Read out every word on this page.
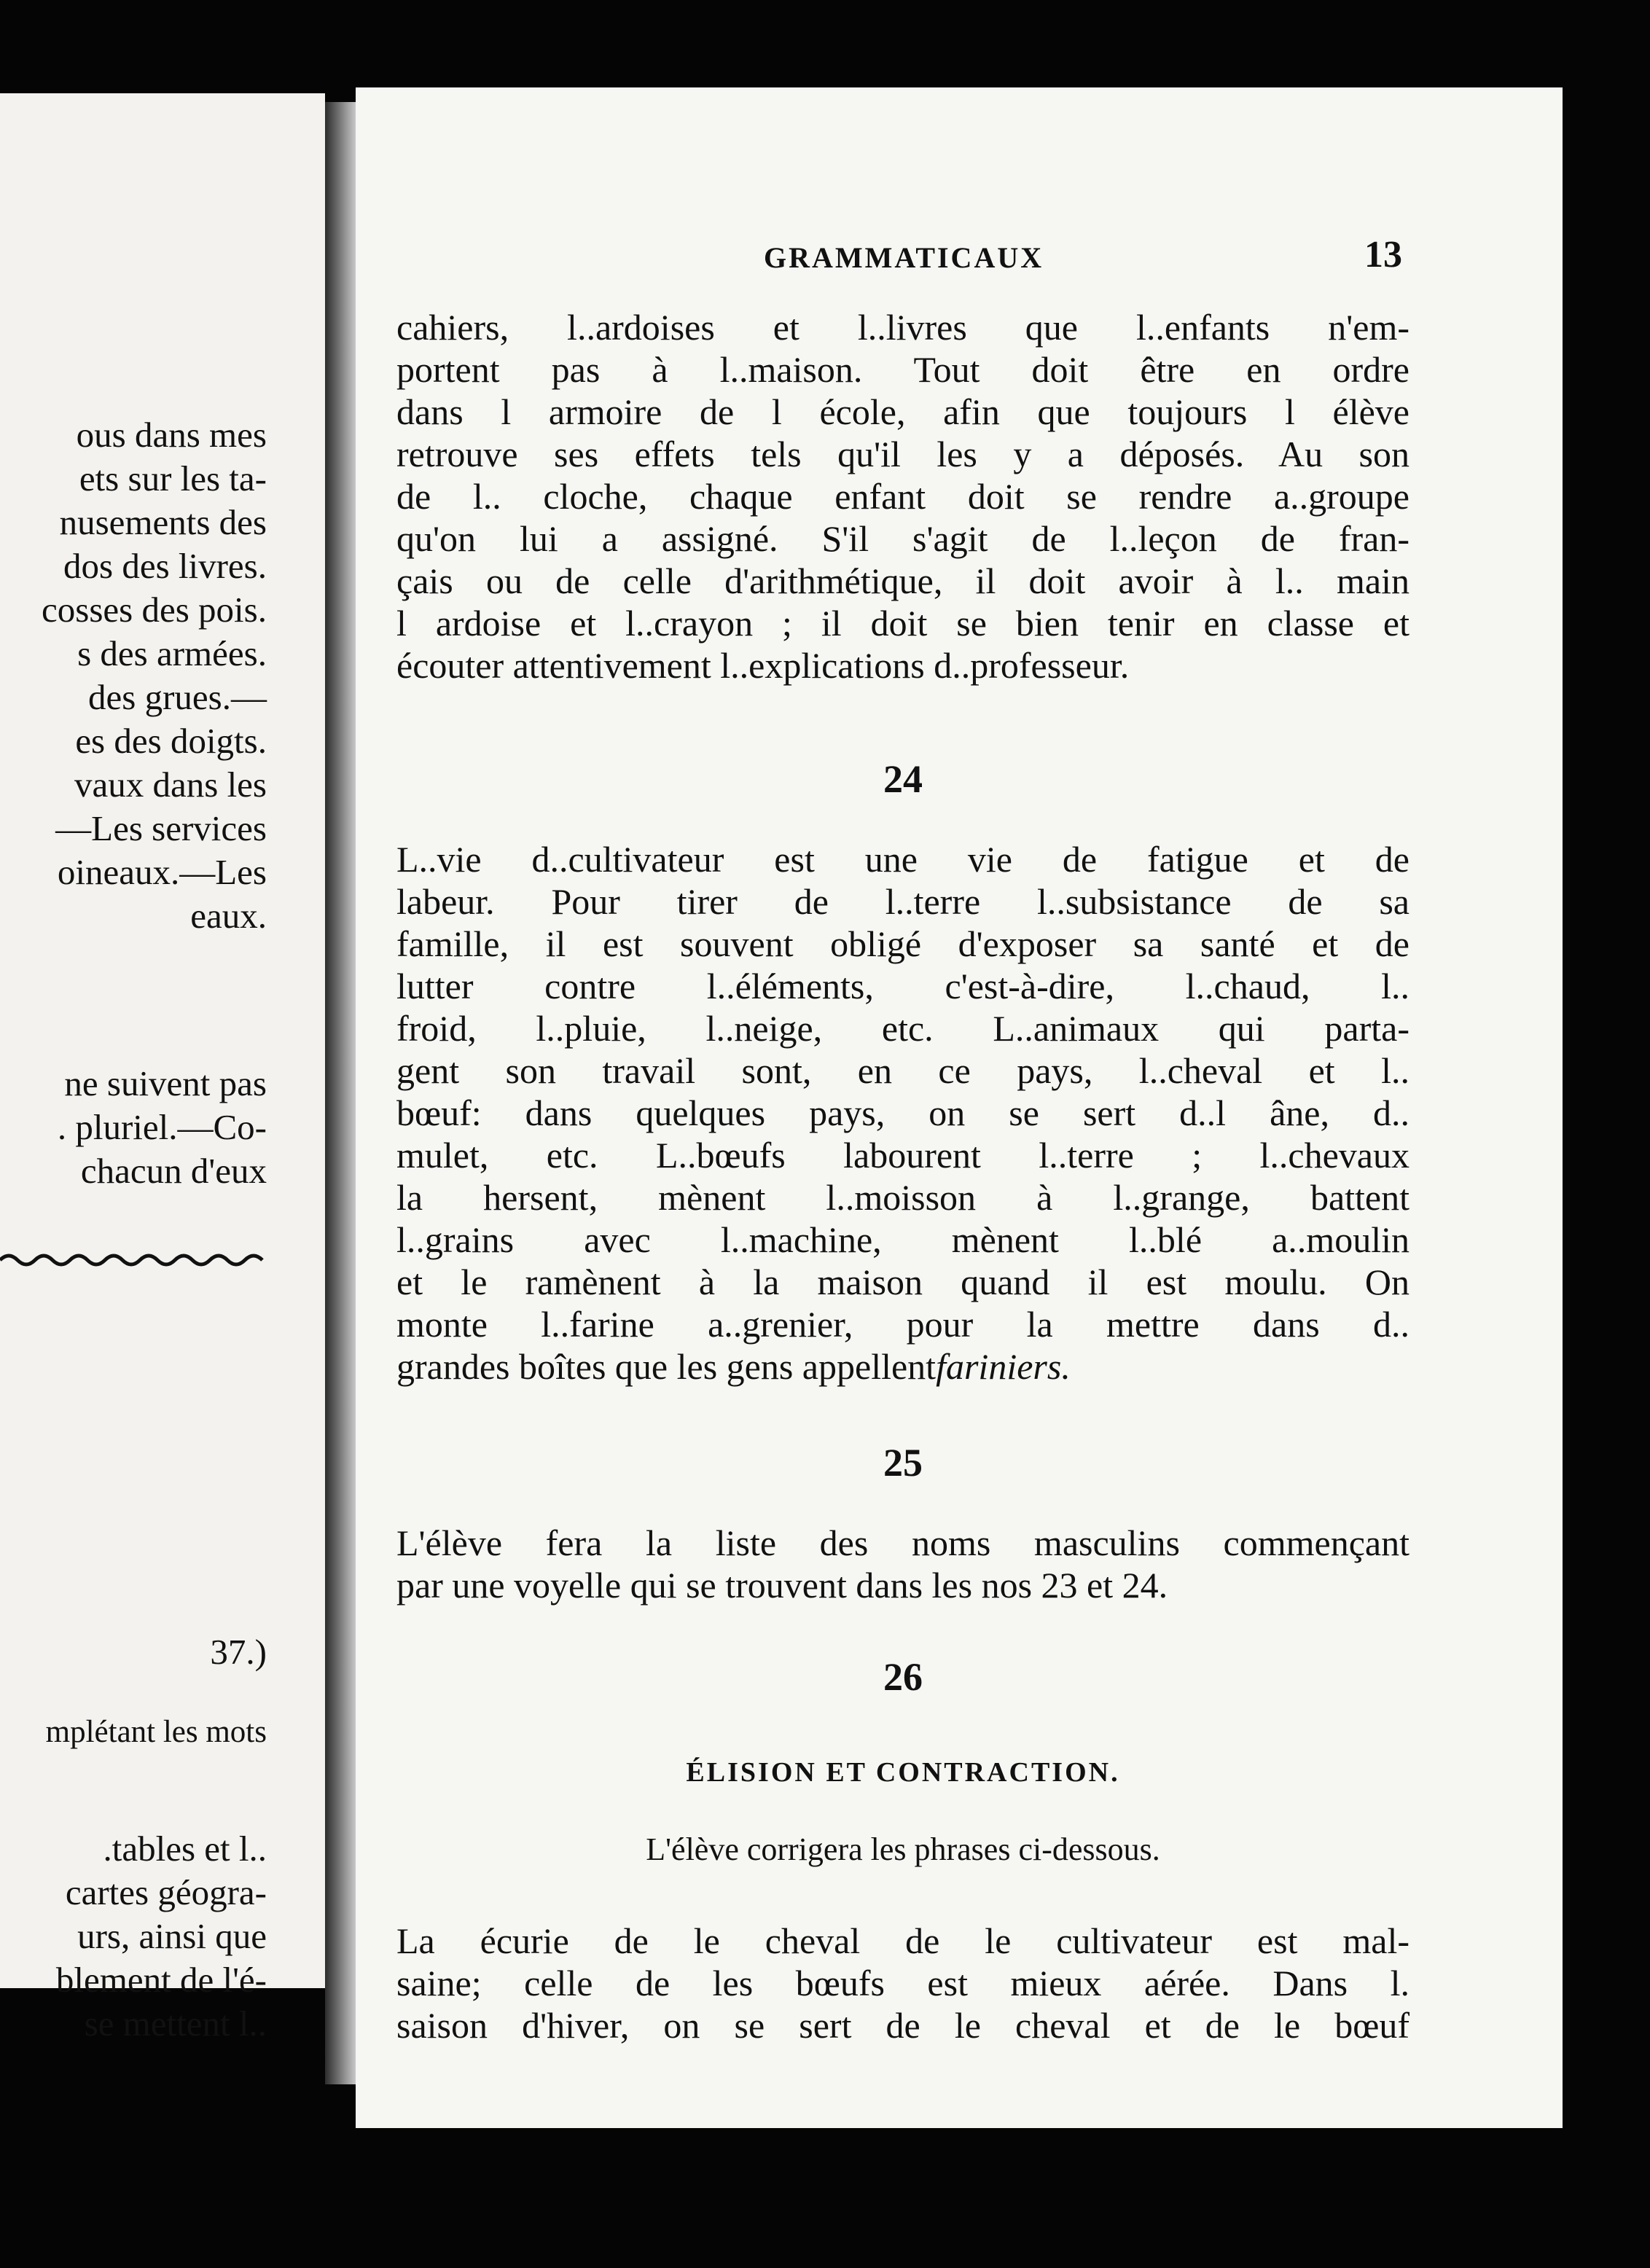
ous dans mes
ets sur les ta-
nusements des
dos des livres.
cosses des pois.
s des armées.
des grues.—
es des doigts.
vaux dans les
—Les services
oineaux.—Les
eaux.
ne suivent pas
. pluriel.—Co-
chacun d'eux
37.)
mplétant les mots
.tables et l..
cartes géogra-
urs, ainsi que
blement de l'é-
se mettent l..
GRAMMATICAUX	13
cahiers, l..ardoises et l..livres que l..enfants n'em-
portent pas à l..maison. Tout doit être en ordre
dans l armoire de l école, afin que toujours l élève
retrouve ses effets tels qu'il les y a déposés. Au son
de l.. cloche, chaque enfant doit se rendre a..groupe
qu'on lui a assigné. S'il s'agit de l..leçon de fran-
çais ou de celle d'arithmétique, il doit avoir à l.. main
l ardoise et l..crayon ; il doit se bien tenir en classe et
écouter attentivement l..explications d..professeur.
24
L..vie d..cultivateur est une vie de fatigue et de
labeur. Pour tirer de l..terre l..subsistance de sa
famille, il est souvent obligé d'exposer sa santé et de
lutter contre l..éléments, c'est-à-dire, l..chaud, l..
froid, l..pluie, l..neige, etc. L..animaux qui parta-
gent son travail sont, en ce pays, l..cheval et l..
bœuf: dans quelques pays, on se sert d..l âne, d..
mulet, etc. L..bœufs labourent l..terre ; l..chevaux
la hersent, mènent l..moisson à l..grange, battent
l..grains avec l..machine, mènent l..blé a..moulin
et le ramènent à la maison quand il est moulu. On
monte l..farine a..grenier, pour la mettre dans d..
grandes boîtes que les gens appellentfariniers.
25
L'élève fera la liste des noms masculins commençant
par une voyelle qui se trouvent dans les nos 23 et 24.
26
ÉLISION ET CONTRACTION.
L'élève corrigera les phrases ci-dessous.
La écurie de le cheval de le cultivateur est mal-
saine; celle de les bœufs est mieux aérée. Dans l.
saison d'hiver, on se sert de le cheval et de le bœuf
